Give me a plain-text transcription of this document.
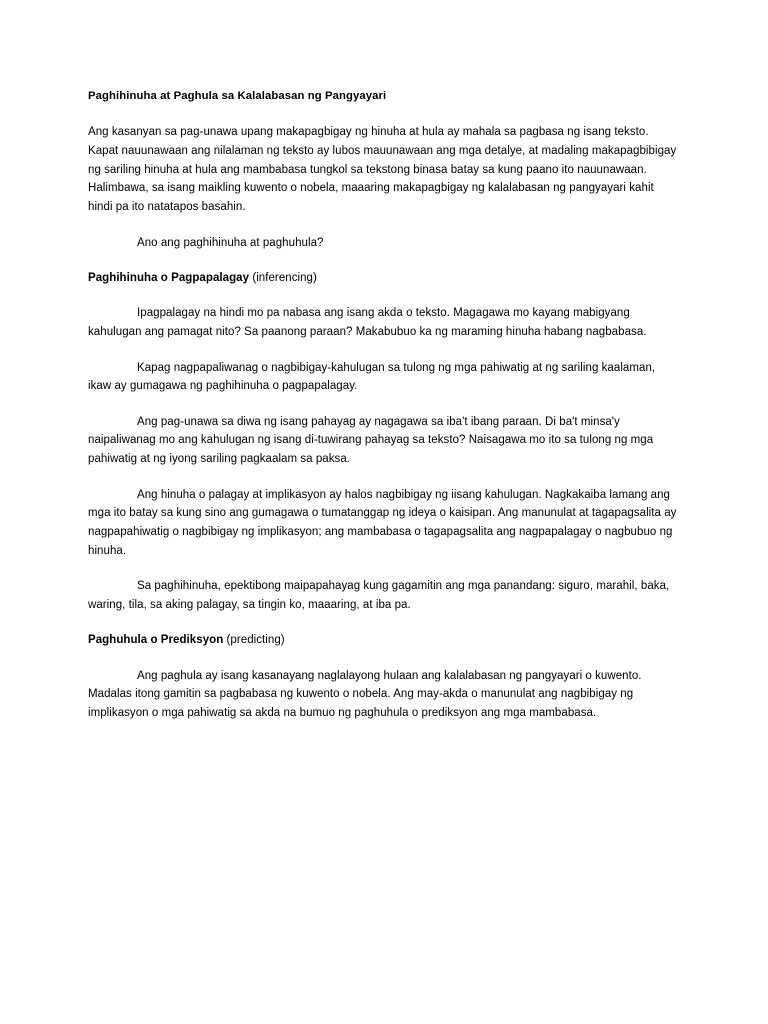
Paghihinuha at Paghula sa Kalalabasan ng Pangyayari

Ang kasanyan sa pag-unawa upang makapagbigay ng hinuha at hula ay mahala sa pagbasa ng isang teksto. Kapat nauunawaan ang nilalaman ng teksto ay lubos mauunawaan ang mga detalye, at madaling makapagbibigay ng sariling hinuha at hula ang mambabasa tungkol sa tekstong binasa batay sa kung paano ito nauunawaan. Halimbawa, sa isang maikling kuwento o nobela, maaaring makapagbigay ng kalalabasan ng pangyayari kahit hindi pa ito natatapos basahin.

Ano ang paghihinuha at paghuhula?

Paghihinuha o Pagpapalagay (inferencing)

Ipagpalagay na hindi mo pa nabasa ang isang akda o teksto. Magagawa mo kayang mabigyang kahulugan ang pamagat nito? Sa paanong paraan? Makabubuo ka ng maraming hinuha habang nagbabasa.

Kapag nagpapaliwanag o nagbibigay-kahulugan sa tulong ng mga pahiwatig at ng sariling kaalaman, ikaw ay gumagawa ng paghihinuha o pagpapalagay.

Ang pag-unawa sa diwa ng isang pahayag ay nagagawa sa iba't ibang paraan. Di ba't minsa'y naipaliwanag mo ang kahulugan ng isang di-tuwirang pahayag sa teksto? Naisagawa mo ito sa tulong ng mga pahiwatig at ng iyong sariling pagkaalam sa paksa.

Ang hinuha o palagay at implikasyon ay halos nagbibigay ng iisang kahulugan. Nagkakaiba lamang ang mga ito batay sa kung sino ang gumagawa o tumatanggap ng ideya o kaisipan. Ang manunulat at tagapagsalita ay nagpapahiwatig o nagbibigay ng implikasyon; ang mambabasa o tagapagsalita ang nagpapalagay o nagbubuo ng hinuha.

Sa paghihinuha, epektibong maipapahayag kung gagamitin ang mga panandang: siguro, marahil, baka, waring, tila, sa aking palagay, sa tingin ko, maaaring, at iba pa.

Paghuhula o Prediksyon (predicting)

Ang paghula ay isang kasanayang naglalayong hulaan ang kalalabasan ng pangyayari o kuwento. Madalas itong gamitin sa pagbabasa ng kuwento o nobela. Ang may-akda o manunulat ang nagbibigay ng implikasyon o mga pahiwatig sa akda na bumuo ng paghuhula o prediksyon ang mga mambabasa.
